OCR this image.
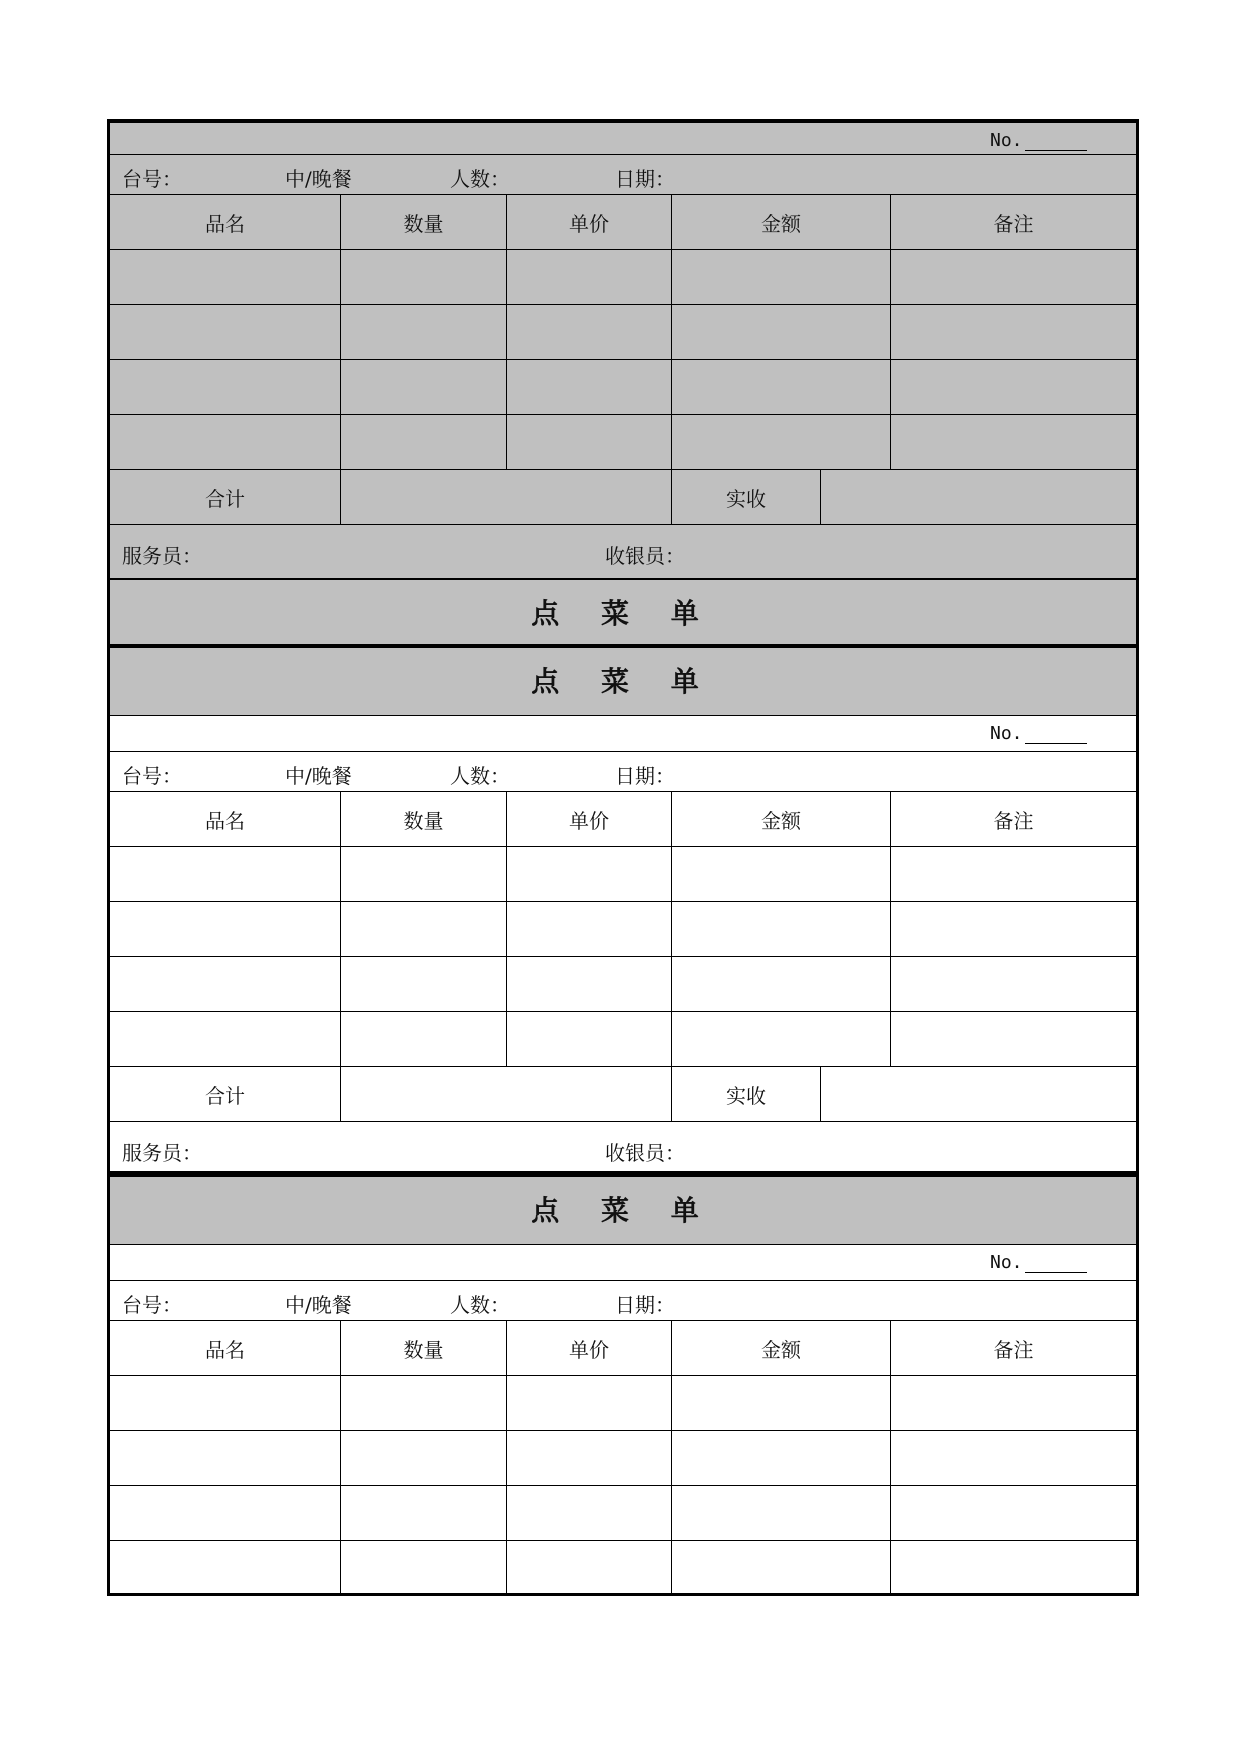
No.
台号：	中/晚餐	人数：	日期：
品名	数量	单价	金额	备注
合计	实收
服务员：	收银员：
点 菜 单
点 菜 单
No.
台号：	中/晚餐	人数：	日期：
品名	数量	单价	金额	备注
合计	实收
服务员：	收银员：
点 菜 单
No.
台号：	中/晚餐	人数：	日期：
品名	数量	单价	金额	备注
